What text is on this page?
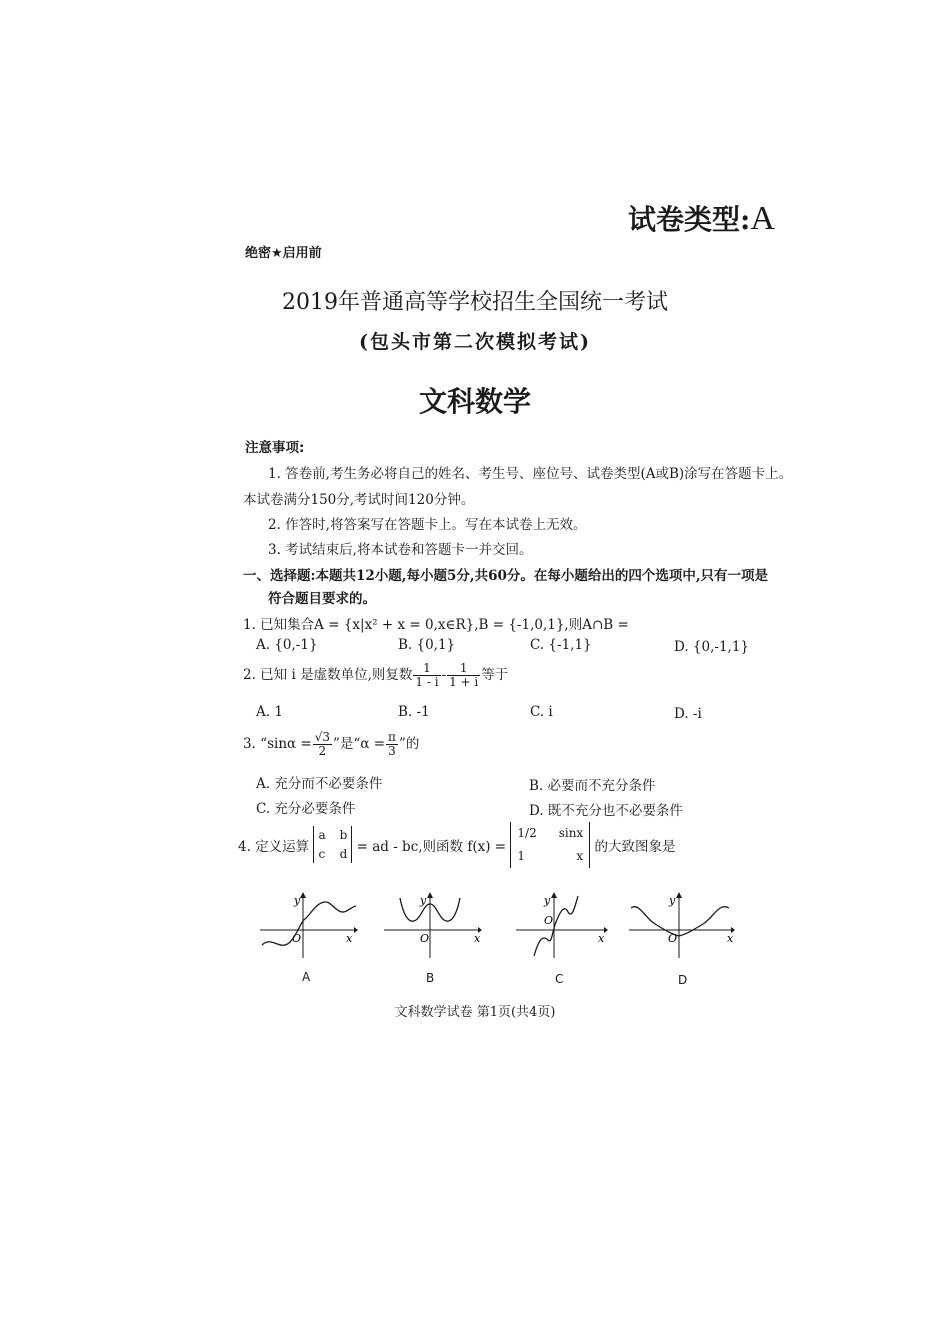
试卷类型:A
绝密★启用前
2019年普通高等学校招生全国统一考试
(包头市第二次模拟考试)
文科数学
注意事项:
1. 答卷前,考生务必将自己的姓名、考生号、座位号、试卷类型(A或B)涂写在答题卡上。
本试卷满分150分,考试时间120分钟。
2. 作答时,将答案写在答题卡上。写在本试卷上无效。
3. 考试结束后,将本试卷和答题卡一并交回。
一、选择题:本题共12小题,每小题5分,共60分。在每小题给出的四个选项中,只有一项是
符合题目要求的。
1. 已知集合A = {x|x² + x = 0,x∈R},B = {-1,0,1},则A∩B =
A. {0,-1}	B. {0,1}	C. {-1,1}	D. {0,-1,1}
2. 已知 i 是虚数单位,则复数 $\frac{1}{1 - i} - \frac{1}{1 + i}$ 等于
A. 1	B. -1	C. i	D. -i
3. “$\sin\alpha = \frac{√3}{2}$ ”是“$\alpha = \frac{\pi}{3}$ ”的
A. 充分而不必要条件	B. 必要而不充分条件
C. 充分必要条件	D. 既不充分也不必要条件
4. 定义运算
a b
c d = ad - bc,则函数 f(x) =
1/2 sinx
1	x
的大致图象是
y
x
O
y
x
O
y
x
O
y
x
O
A	B	C	D
文科数学试卷 第1页(共4页)
